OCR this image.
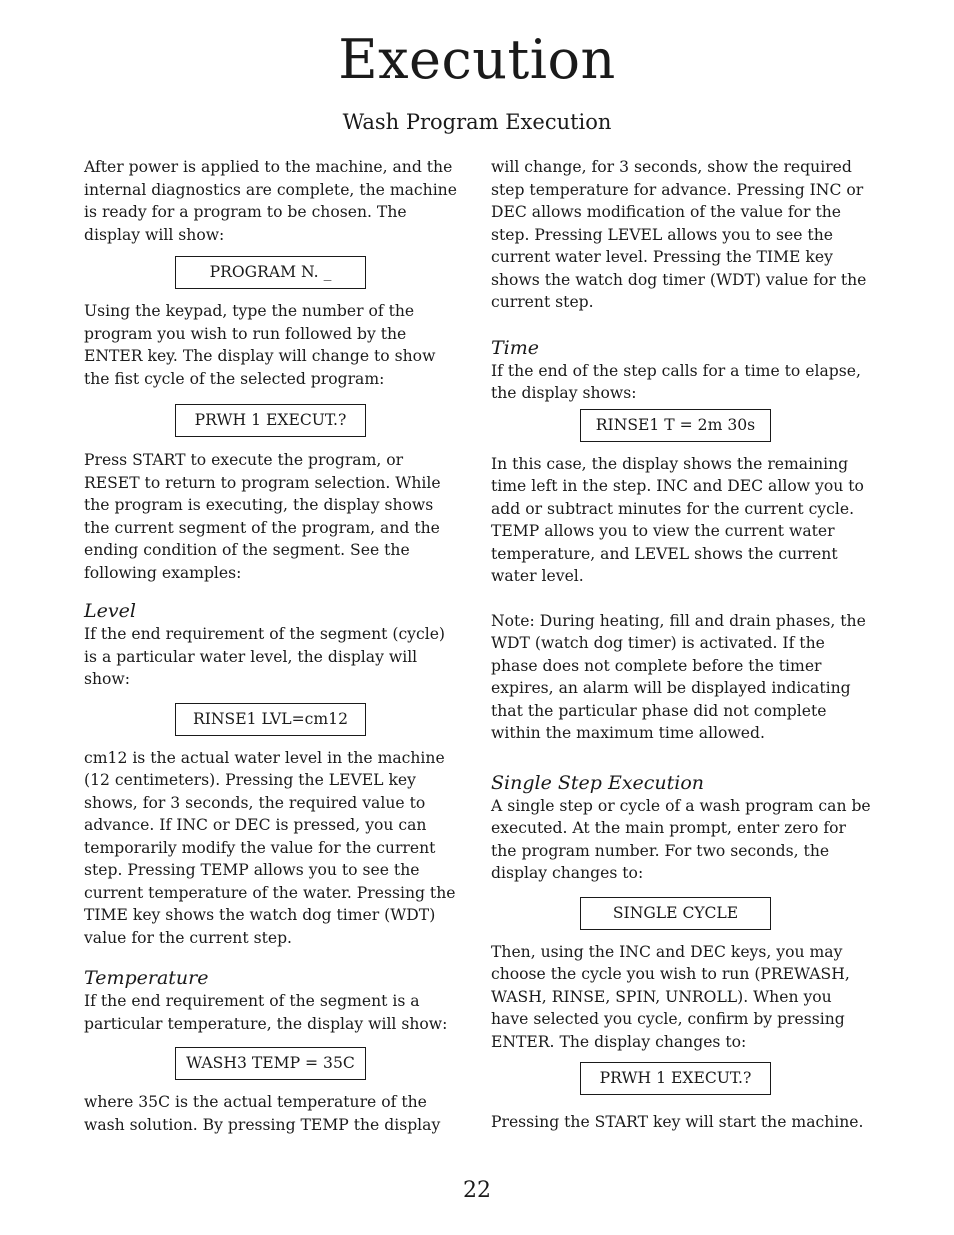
Execution
Wash Program Execution

After power is applied to the machine, and the internal diagnostics are complete, the machine is ready for a program to be chosen. The display will show:

PROGRAM N. _

Using the keypad, type the number of the program you wish to run followed by the ENTER key. The display will change to show the fist cycle of the selected program:

PRWH 1 EXECUT.?

Press START to execute the program, or RESET to return to program selection. While the program is executing, the display shows the current segment of the program, and the ending condition of the segment. See the following examples:

Level

If the end requirement of the segment (cycle) is a particular water level, the display will show:

RINSE1 LVL=cm12

cm12 is the actual water level in the machine (12 centimeters). Pressing the LEVEL key shows, for 3 seconds, the required value to advance. If INC or DEC is pressed, you can temporarily modify the value for the current step. Pressing TEMP allows you to see the current temperature of the water. Pressing the TIME key shows the watch dog timer (WDT) value for the current step.

Temperature

If the end requirement of the segment is a particular temperature, the display will show:

WASH3 TEMP = 35C

where 35C is the actual temperature of the wash solution. By pressing TEMP the display

will change, for 3 seconds, show the required step temperature for advance. Pressing INC or DEC allows modification of the value for the step. Pressing LEVEL allows you to see the current water level. Pressing the TIME key shows the watch dog timer (WDT) value for the current step.

Time

If the end of the step calls for a time to elapse, the display shows:

RINSE1 T = 2m 30s

In this case, the display shows the remaining time left in the step. INC and DEC allow you to add or subtract minutes for the current cycle. TEMP allows you to view the current water temperature, and LEVEL shows the current water level.

Note: During heating, fill and drain phases, the WDT (watch dog timer) is activated. If the phase does not complete before the timer expires, an alarm will be displayed indicating that the particular phase did not complete within the maximum time allowed.

Single Step Execution

A single step or cycle of a wash program can be executed. At the main prompt, enter zero for the program number. For two seconds, the display changes to:

SINGLE CYCLE

Then, using the INC and DEC keys, you may choose the cycle you wish to run (PREWASH, WASH, RINSE, SPIN, UNROLL). When you have selected you cycle, confirm by pressing ENTER. The display changes to:

PRWH 1 EXECUT.?

Pressing the START key will start the machine.

22
